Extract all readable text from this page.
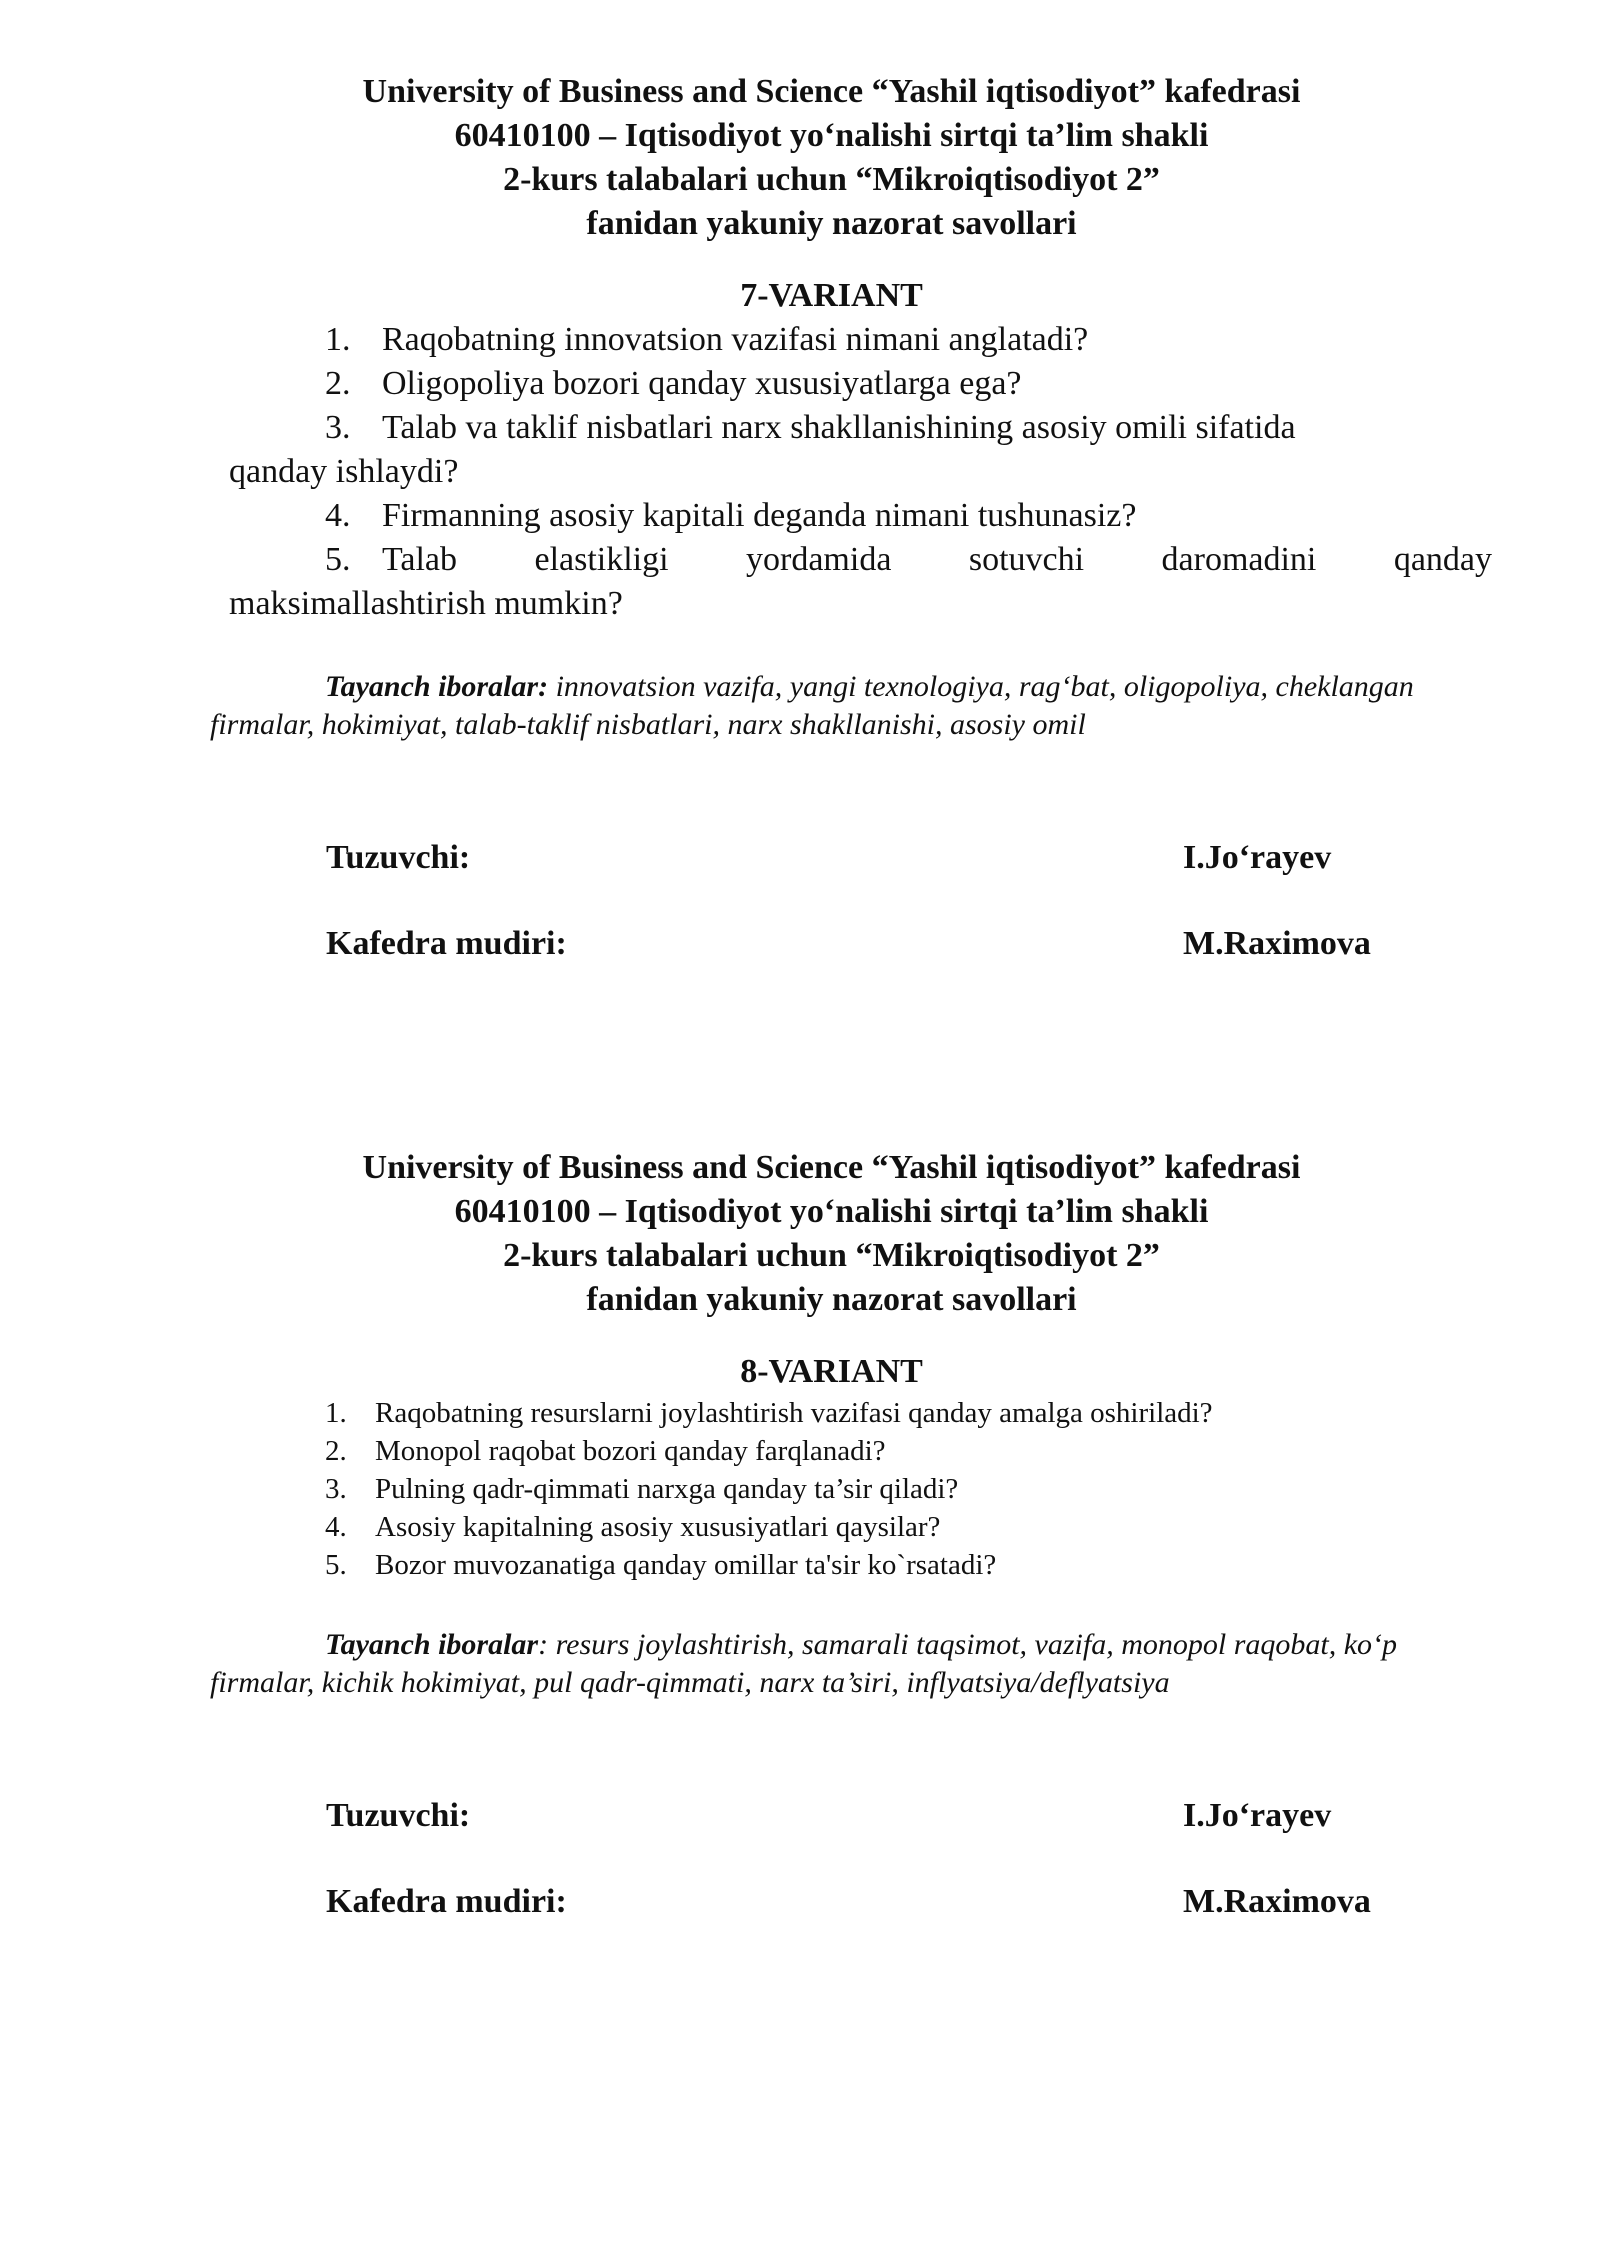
University of Business and Science “Yashil iqtisodiyot” kafedrasi
60410100 – Iqtisodiyot yo‘nalishi sirtqi ta’lim shakli
2-kurs talabalari uchun “Mikroiqtisodiyot 2”
fanidan yakuniy nazorat savollari
7-VARIANT
1. Raqobatning innovatsion vazifasi nimani anglatadi?
2. Oligopoliya bozori qanday xususiyatlarga ega?
3. Talab va taklif nisbatlari narx shakllanishining asosiy omili sifatida
qanday ishlaydi?
4. Firmanning asosiy kapitali deganda nimani tushunasiz?
5. Talab elastikligi yordamida sotuvchi daromadini qanday
maksimallashtirish mumkin?
Tayanch iboralar: innovatsion vazifa, yangi texnologiya, rag‘bat, oligopoliya, cheklangan firmalar, hokimiyat, talab-taklif nisbatlari, narx shakllanishi, asosiy omil
Tuzuvchi:	I.Jo‘rayev
Kafedra mudiri:	M.Raximova
University of Business and Science “Yashil iqtisodiyot” kafedrasi
60410100 – Iqtisodiyot yo‘nalishi sirtqi ta’lim shakli
2-kurs talabalari uchun “Mikroiqtisodiyot 2”
fanidan yakuniy nazorat savollari
8-VARIANT
1. Raqobatning resurslarni joylashtirish vazifasi qanday amalga oshiriladi?
2. Monopol raqobat bozori qanday farqlanadi?
3. Pulning qadr-qimmati narxga qanday ta’sir qiladi?
4. Asosiy kapitalning asosiy xususiyatlari qaysilar?
5. Bozor muvozanatiga qanday omillar ta'sir ko`rsatadi?
Tayanch iboralar: resurs joylashtirish, samarali taqsimot, vazifa, monopol raqobat, ko‘p firmalar, kichik hokimiyat, pul qadr-qimmati, narx ta’siri, inflyatsiya/deflyatsiya
Tuzuvchi:	I.Jo‘rayev
Kafedra mudiri:	M.Raximova
